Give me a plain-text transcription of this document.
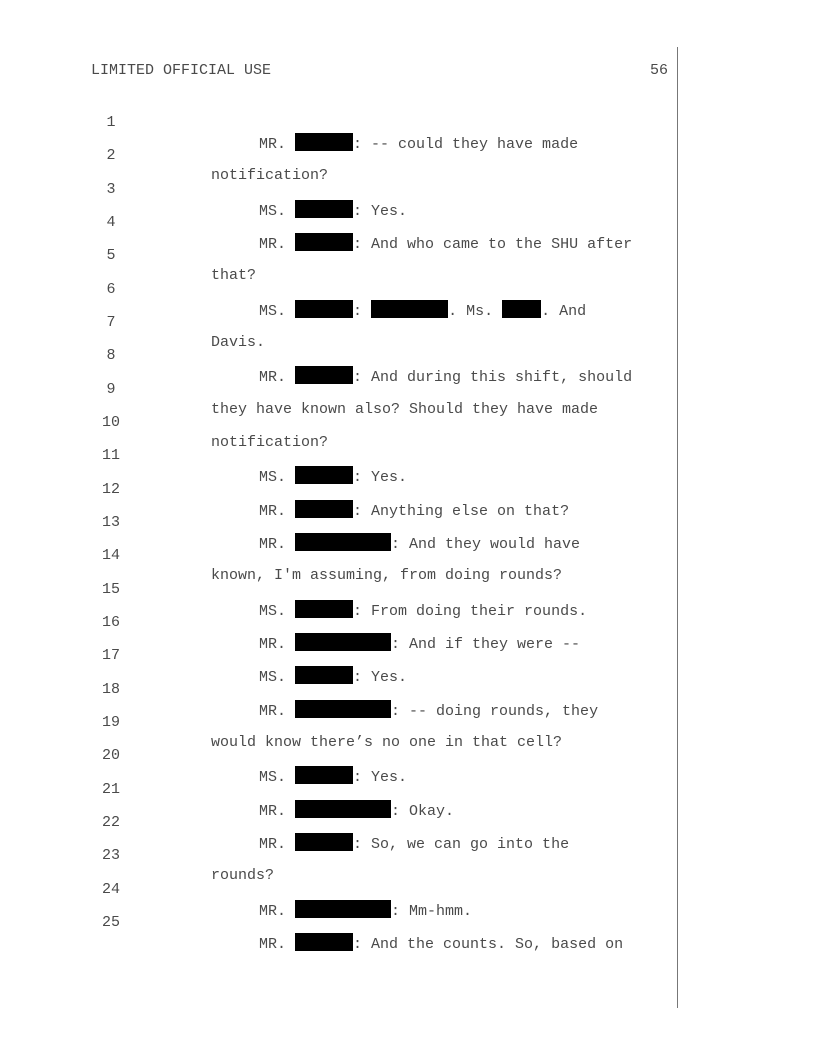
LIMITED OFFICIAL USE	56

1

MR.	: -- could they have made

2

notification?

3

MS.	: Yes.

4

MR.	: And who came to the SHU after

5

that?

6

MS.	:	. Ms.	. And

7

Davis.

8

MR.	: And during this shift, should

9

they have known also? Should they have made

10

notification?

11

MS.	: Yes.

12

MR.	: Anything else on that?

13

MR.	: And they would have

14

known, I'm assuming, from doing rounds?

15

MS.	: From doing their rounds.

16

MR.	: And if they were --

17

MS.	: Yes.

18

MR.	: -- doing rounds, they

19

would know there’s no one in that cell?

20

MS.	: Yes.

21

MR.	: Okay.

22

MR.	: So, we can go into the

23

rounds?

24

MR.	: Mm-hmm.

25

MR.	: And the counts. So, based on
